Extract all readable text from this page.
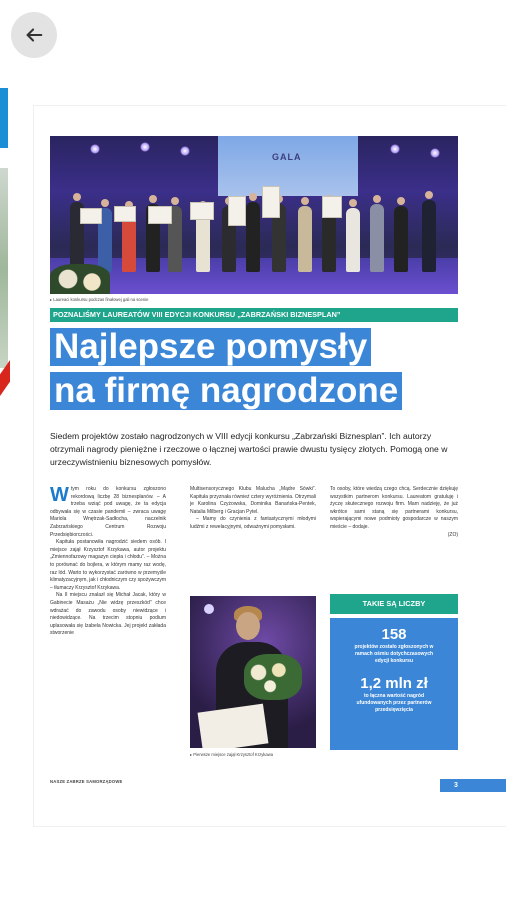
GALA
▸ Laureaci konkursu podczas finałowej gali na scenie
POZNALIŚMY LAUREATÓW VIII EDYCJI KONKURSU „ZABRZAŃSKI BIZNESPLAN”
Najlepsze pomysły
na firmę nagrodzone

Siedem projektów zostało nagrodzonych w VIII edycji konkursu „Zabrzański Biznesplan”. Ich autorzy otrzymali nagrody pieniężne i rzeczowe o łącznej wartości prawie dwustu tysięcy złotych. Pomogą one w urzeczywistnieniu biznesowych pomysłów.

Wtym roku do konkursu zgłoszono rekordową liczbę 28 biznesplanów. – A trzeba wziąć pod uwagę, że ta edycja odbywała się w czasie pandemii – zwraca uwagę Mariola Wnętrzak-Sadłocha, naczelnik Zabrzańskiego Centrum Rozwoju Przedsiębiorczości.

Kapituła postanowiła nagrodzić siedem osób. I miejsce zajął Krzysztof Krzykawa, autor projektu „Zmiennofazowy magazyn ciepła i chłodu”. – Można to porównać do bojlera, w którym mamy raz wodę, raz lód. Warto to wykorzystać zarówno w przemyśle klimatyzacyjnym, jak i chłodniczym czy spożywczym – tłumaczy Krzysztof Krzykawa.

Na II miejscu znalazł się Michał Jacak, który w Gabinecie Masażu „Nie widzę przeszkód” chce wdrażać do zawodu osoby niewidzące i niedowidzące. Na trzecim stopniu podium uplasowała się Izabela Nowicka. Jej projekt zakłada stworzenie

Multisensorycznego Klubu Malucha „Mądre Sówki”. Kapituła przyznała również cztery wyróżnienia. Otrzymali je Karolina Czyżowska, Dominika Banańska-Pentek, Natalia Milberg i Gracjan Pytel.

– Mamy do czynienia z fantastycznymi młodymi ludźmi z rewelacyjnymi, odważnymi pomysłami.

▸ Pierwsze miejsce zajął Krzysztof Krzykawa

To osoby, które wiedzą czego chcą. Serdecznie dziękuję wszystkim partnerom konkursu. Laureatom gratuluję i życzę skutecznego rozwoju firm. Mam nadzieję, że już wkrótce sami staną się partnerami konkursu, wspierającymi nowe podmioty gospodarcze w naszym mieście – dodaje.

(ZO)

TAKIE SĄ LICZBY
158
projektów zostało zgłoszonych w ramach ośmiu dotychczasowych edycji konkursu
1,2 mln zł
to łączna wartość nagród ufundowanych przez partnerów przedsięwzięcia
NASZE ZABRZE SAMORZĄDOWE
3
